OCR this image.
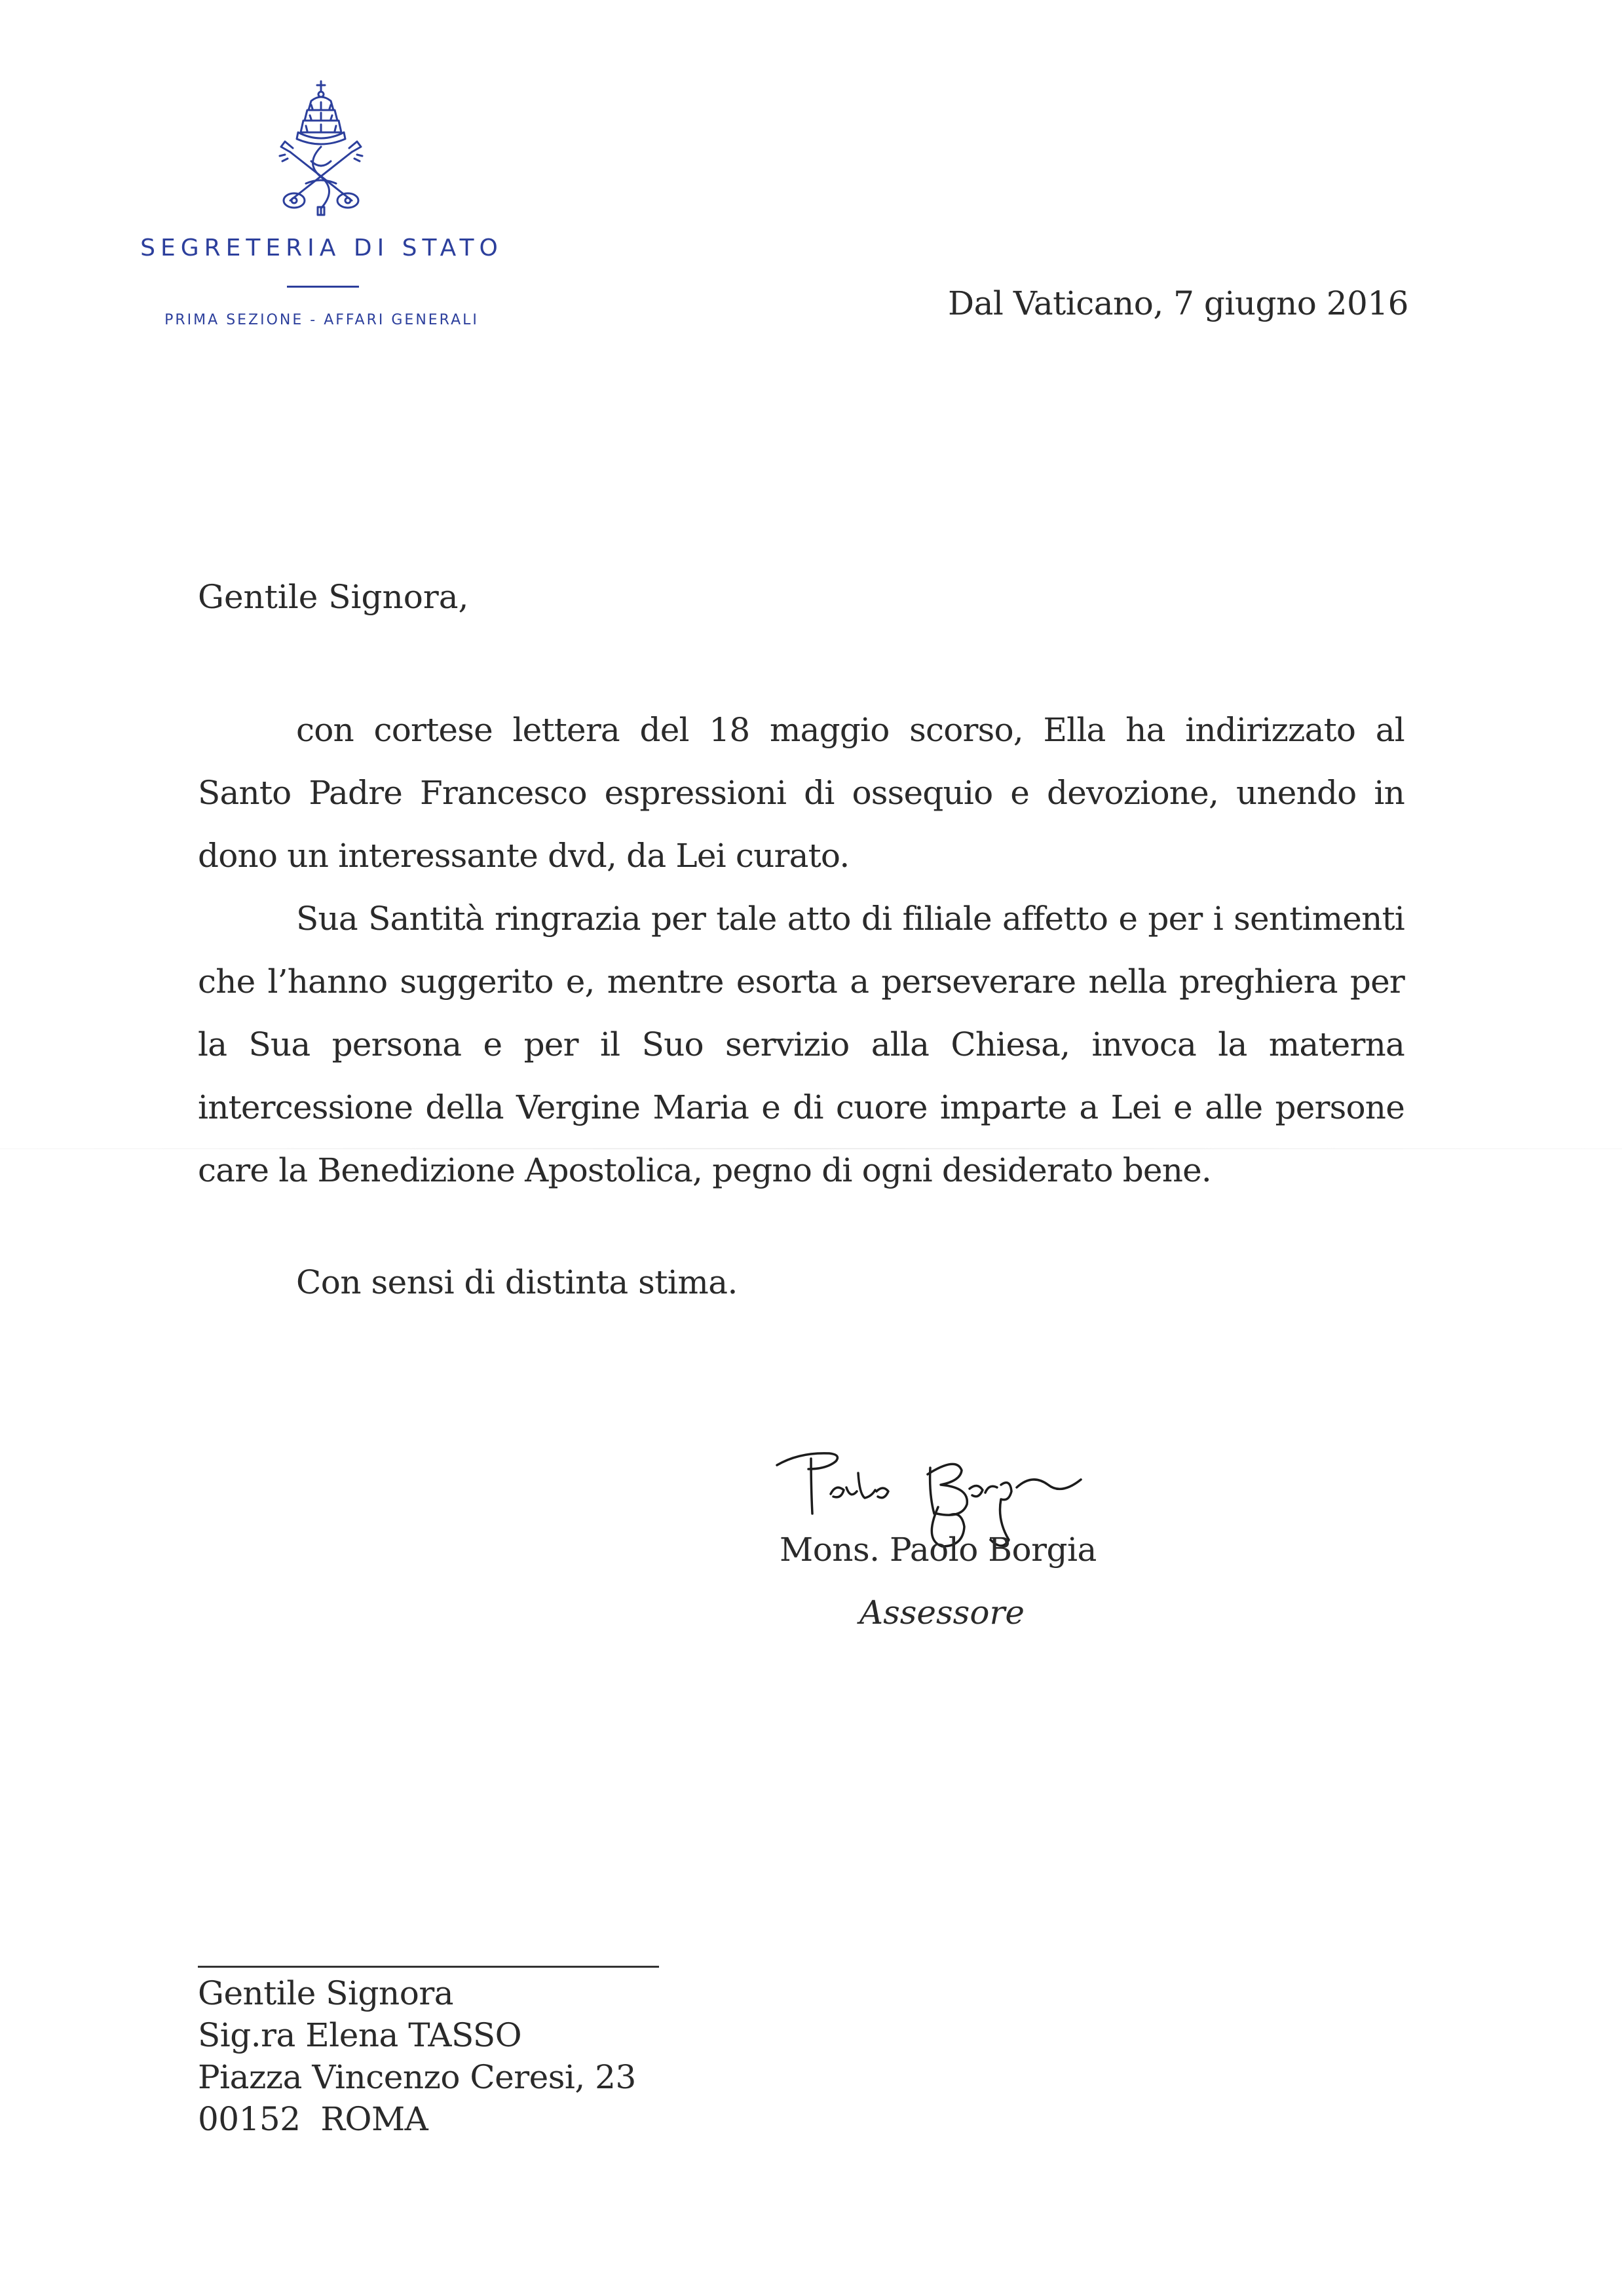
SEGRETERIA DI STATO
PRIMA SEZIONE - AFFARI GENERALI	Dal Vaticano, 7 giugno 2016
Gentile Signora,

con cortese lettera del 18 maggio scorso, Ella ha indirizzato al Santo Padre Francesco espressioni di ossequio e devozione, unendo in dono un interessante dvd, da Lei curato.

Sua Santità ringrazia per tale atto di filiale affetto e per i sentimenti che l’hanno suggerito e, mentre esorta a perseverare nella preghiera per la Sua persona e per il Suo servizio alla Chiesa, invoca la materna intercessione della Vergine Maria e di cuore imparte a Lei e alle persone care la Benedizione Apostolica, pegno di ogni desiderato bene.

Con sensi di distinta stima.
Mons. Paolo Borgia
Assessore
Gentile Signora
Sig.ra Elena TASSO
Piazza Vincenzo Ceresi, 23
00152  ROMA
